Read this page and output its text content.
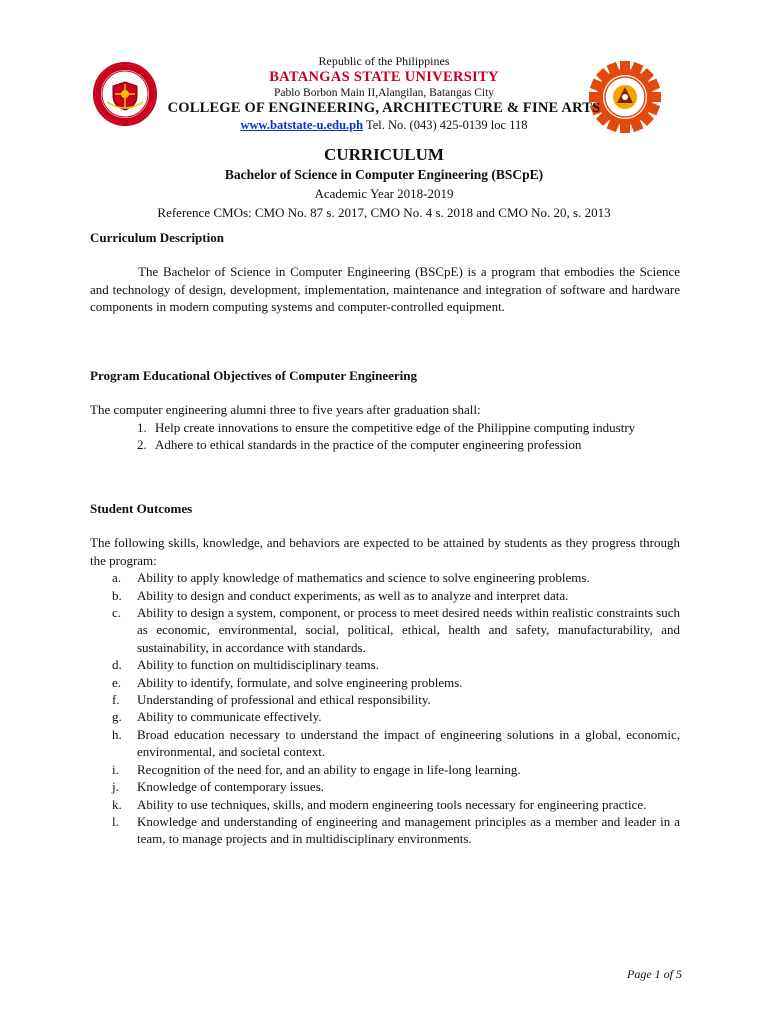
Republic of the Philippines
BATANGAS STATE UNIVERSITY
Pablo Borbon Main II,Alangilan, Batangas City
COLLEGE OF ENGINEERING, ARCHITECTURE & FINE ARTS
www.batstate-u.edu.ph Tel. No. (043) 425-0139 loc 118
CURRICULUM
Bachelor of Science in Computer Engineering (BSCpE)
Academic Year 2018-2019
Reference CMOs: CMO No. 87 s. 2017, CMO No. 4 s. 2018 and CMO No. 20, s. 2013
Curriculum Description
The Bachelor of Science in Computer Engineering (BSCpE) is a program that embodies the Science and technology of design, development, implementation, maintenance and integration of software and hardware components in modern computing systems and computer-controlled equipment.
Program Educational Objectives of Computer Engineering
The computer engineering alumni three to five years after graduation shall:
1. Help create innovations to ensure the competitive edge of the Philippine computing industry
2. Adhere to ethical standards in the practice of the computer engineering profession
Student Outcomes
The following skills, knowledge, and behaviors are expected to be attained by students as they progress through the program:
a. Ability to apply knowledge of mathematics and science to solve engineering problems.
b. Ability to design and conduct experiments, as well as to analyze and interpret data.
c. Ability to design a system, component, or process to meet desired needs within realistic constraints such as economic, environmental, social, political, ethical, health and safety, manufacturability, and sustainability, in accordance with standards.
d. Ability to function on multidisciplinary teams.
e. Ability to identify, formulate, and solve engineering problems.
f. Understanding of professional and ethical responsibility.
g. Ability to communicate effectively.
h. Broad education necessary to understand the impact of engineering solutions in a global, economic, environmental, and societal context.
i. Recognition of the need for, and an ability to engage in life-long learning.
j. Knowledge of contemporary issues.
k. Ability to use techniques, skills, and modern engineering tools necessary for engineering practice.
l. Knowledge and understanding of engineering and management principles as a member and leader in a team, to manage projects and in multidisciplinary environments.
Page 1 of 5
